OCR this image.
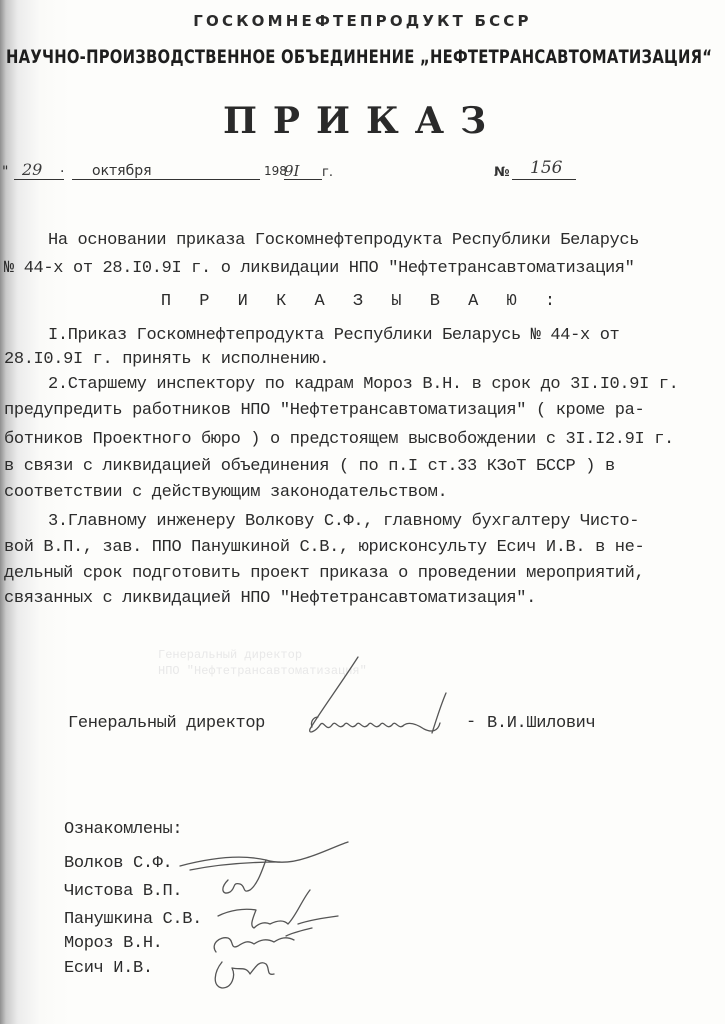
Генеральный директор
НПО "Нефтетрансавтоматизация"
ГОСКОМНЕФТЕПРОДУКТ БССР
НАУЧНО-ПРОИЗВОДСТВЕННОЕ ОБЪЕДИНЕНИЕ „НЕФТЕТРАНСАВТОМАТИЗАЦИЯ“
ПРИКАЗ
" 29 · октября	198
9I г.	№ 156
На основании приказа Госкомнефтепродукта Республики Беларусь
№ 44-х от 28.I0.9I г. о ликвидации НПО "Нефтетрансавтоматизация"
П Р И К А З Ы В А Ю :
I.Приказ Госкомнефтепродукта Республики Беларусь № 44-х от
28.I0.9I г. принять к исполнению.
2.Старшему инспектору по кадрам Мороз В.Н. в срок до 3I.I0.9I г.
предупредить работников НПО "Нефтетрансавтоматизация" ( кроме ра-
ботников Проектного бюро ) о предстоящем высвобождении с 3I.I2.9I г.
в связи с ликвидацией объединения ( по п.I ст.33 КЗоТ БССР ) в
соответствии с действующим законодательством.
3.Главному инженеру Волкову С.Ф., главному бухгалтеру Чисто-
вой В.П., зав. ППО Панушкиной С.В., юрисконсульту Есич И.В. в не-
дельный срок подготовить проект приказа о проведении мероприятий,
связанных с ликвидацией НПО "Нефтетрансавтоматизация".
Генеральный директор	- В.И.Шилович
Ознакомлены:
Волков С.Ф.
Чистова В.П.
Панушкина С.В.
Мороз В.Н.
Есич И.В.
